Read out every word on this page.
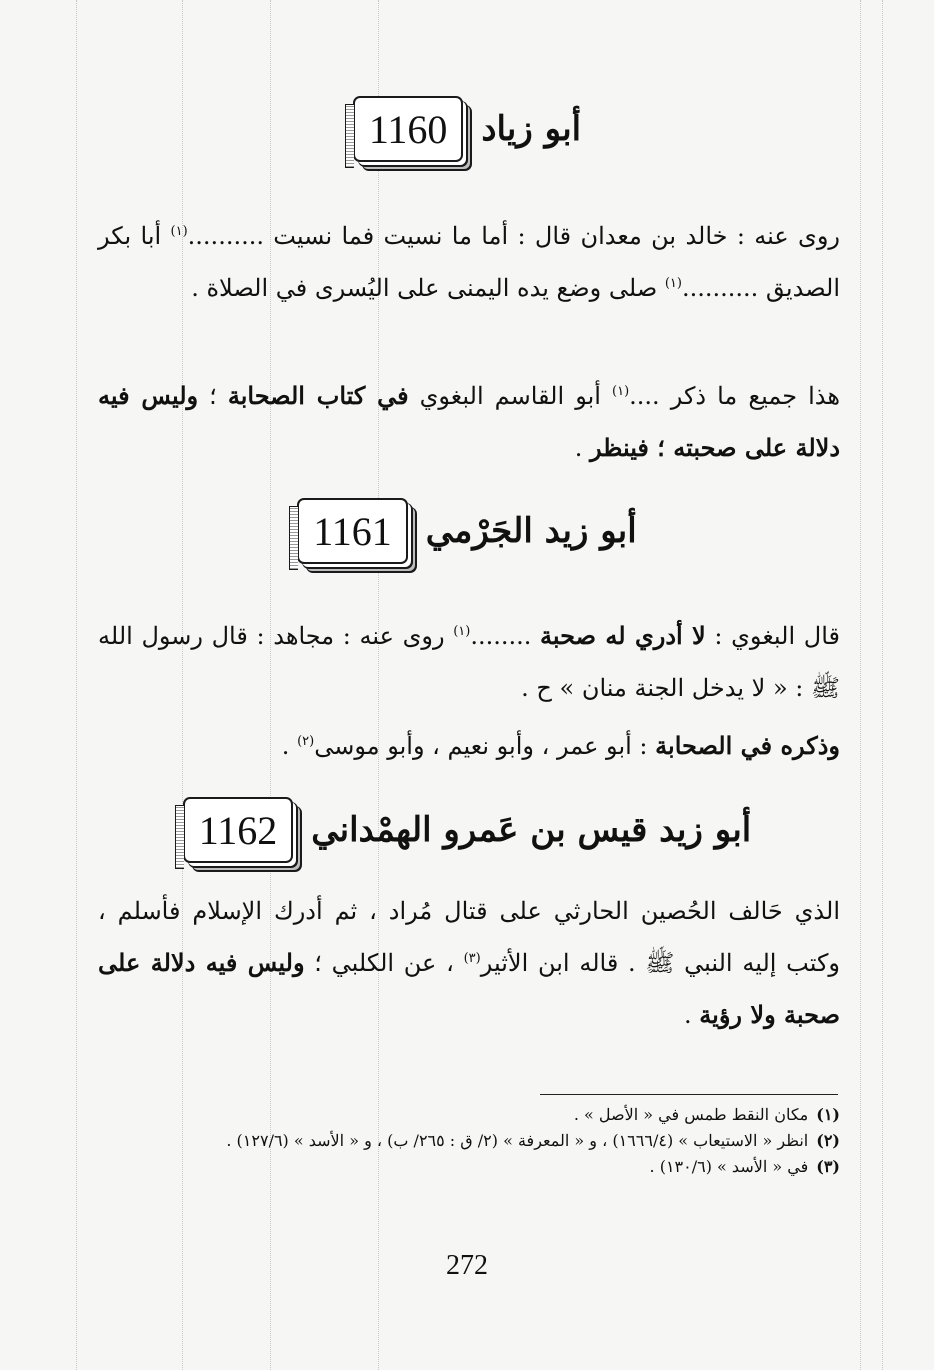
أبو زياد
1160
روى عنه : خالد بن معدان قال : أما ما نسيت فما نسيت ..........$^{(١)}$ أبا بكر الصديق ..........$^{(١)}$ صلى وضع يده اليمنى على اليُسرى في الصلاة .
هذا جميع ما ذكر ....$^{(١)}$ أبو القاسم البغوي في كتاب الصحابة ؛ وليس فيه دلالة على صحبته ؛ فينظر .
أبو زيد الجَرْمي
1161
قال البغوي : لا أدري له صحبة ........$^{(١)}$ روى عنه : مجاهد : قال رسول الله ﷺ : « لا يدخل الجنة منان » ح .
وذكره في الصحابة : أبو عمر ، وأبو نعيم ، وأبو موسى$^{(٢)}$ .
أبو زيد قيس بن عَمرو الهمْداني
1162
الذي حَالف الحُصين الحارثي على قتال مُراد ، ثم أدرك الإسلام فأسلم ، وكتب إليه النبي ﷺ . قاله ابن الأثير$^{(٣)}$ ، عن الكلبي ؛ وليس فيه دلالة على صحبة ولا رؤية .
(١)مكان النقط طمس في « الأصل » .
(٢)انظر « الاستيعاب » (١٦٦٦/٤) ، و « المعرفة » (٢/ ق : ٢٦٥/ ب) ، و « الأسد » (١٢٧/٦) .
(٣)في « الأسد » (١٣٠/٦) .
272
